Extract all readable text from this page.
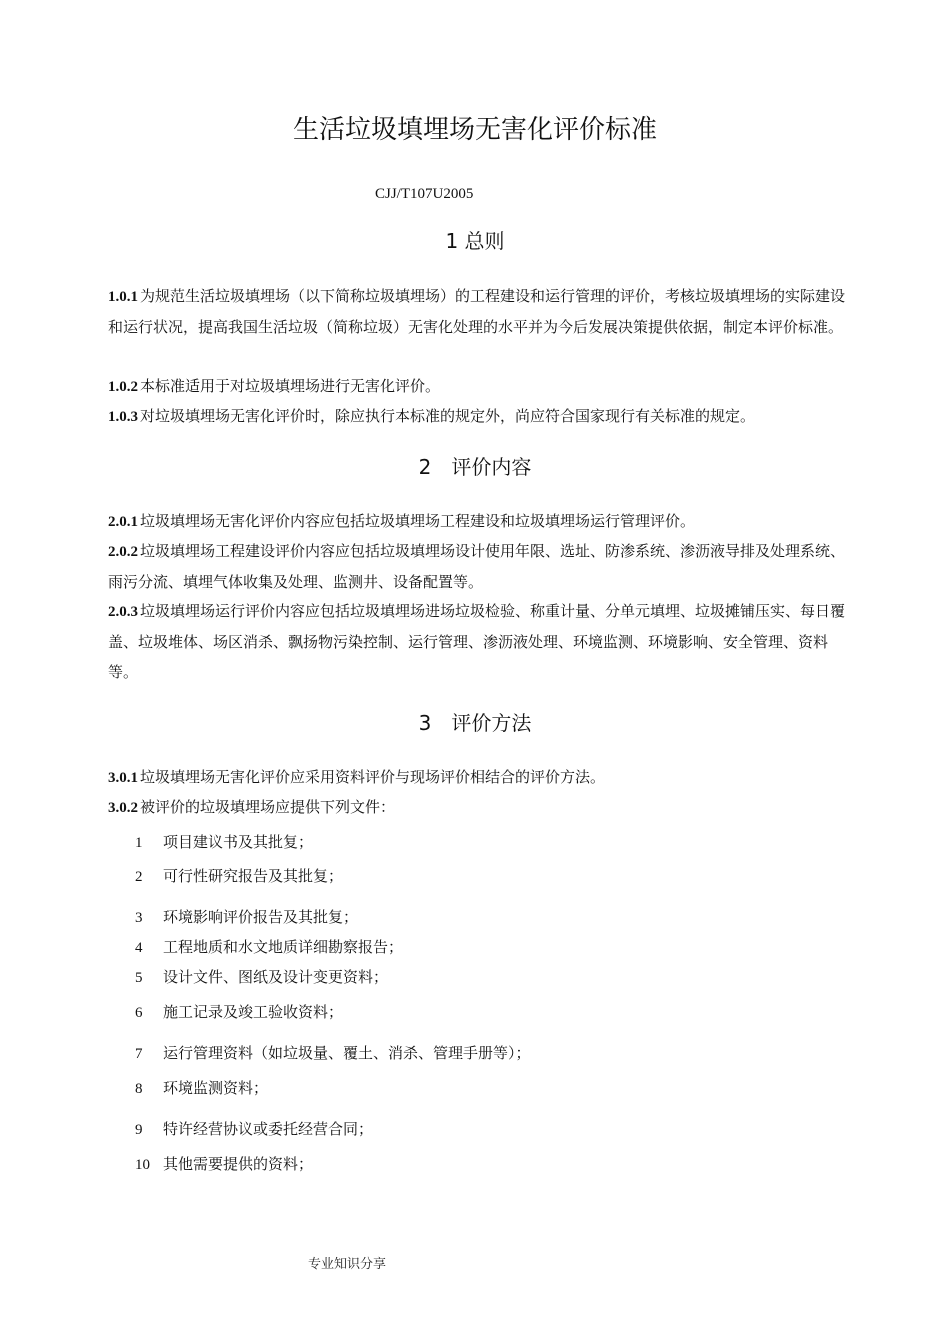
生活垃圾填埋场无害化评价标准
CJJ/T107U2005
1 总则
1.0.1 为规范生活垃圾填埋场（以下简称垃圾填埋场）的工程建设和运行管理的评价，考核垃圾填埋场的实际建设和运行状况，提高我国生活垃圾（简称垃圾）无害化处理的水平并为今后发展决策提供依据，制定本评价标准。
1.0.2 本标准适用于对垃圾填埋场进行无害化评价。
1.0.3 对垃圾填埋场无害化评价时，除应执行本标准的规定外，尚应符合国家现行有关标准的规定。
2　评价内容
2.0.1 垃圾填埋场无害化评价内容应包括垃圾填埋场工程建设和垃圾填埋场运行管理评价。
2.0.2 垃圾填埋场工程建设评价内容应包括垃圾填埋场设计使用年限、选址、防渗系统、渗沥液导排及处理系统、雨污分流、填埋气体收集及处理、监测井、设备配置等。
2.0.3 垃圾填埋场运行评价内容应包括垃圾填埋场进场垃圾检验、称重计量、分单元填埋、垃圾摊铺压实、每日覆盖、垃圾堆体、场区消杀、飘扬物污染控制、运行管理、渗沥液处理、环境监测、环境影响、安全管理、资料等。
3　评价方法
3.0.1 垃圾填埋场无害化评价应采用资料评价与现场评价相结合的评价方法。
3.0.2 被评价的垃圾填埋场应提供下列文件：
1 项目建议书及其批复；
2 可行性研究报告及其批复；
3 环境影响评价报告及其批复；
4 工程地质和水文地质详细勘察报告；
5 设计文件、图纸及设计变更资料；
6 施工记录及竣工验收资料；
7 运行管理资料（如垃圾量、覆土、消杀、管理手册等）；
8 环境监测资料；
9 特许经营协议或委托经营合同；
10 其他需要提供的资料；
专业知识分享
